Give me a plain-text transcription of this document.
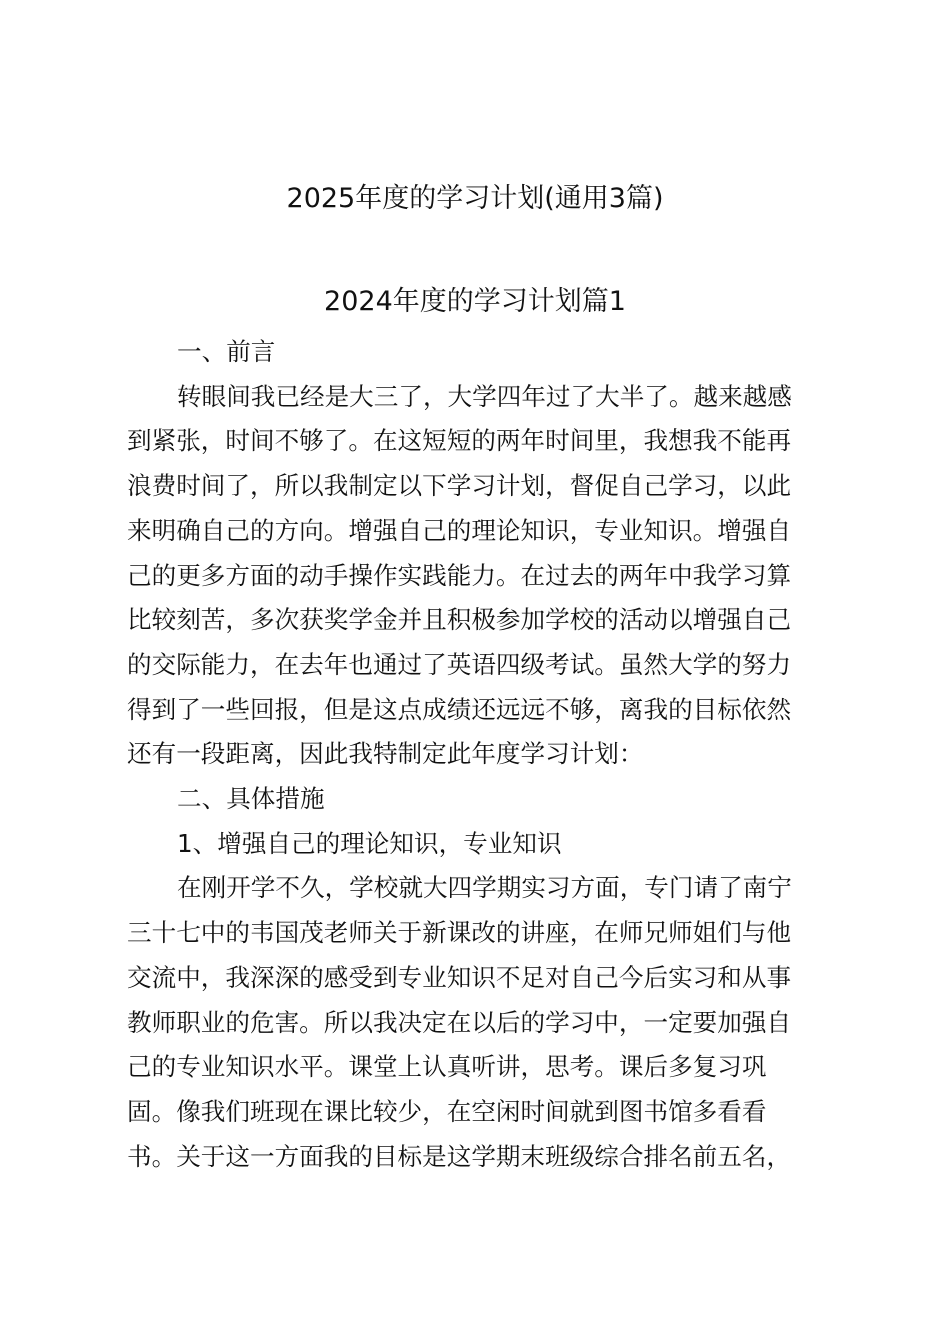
2025年度的学习计划(通用3篇)
2024年度的学习计划篇1
一、前言
转眼间我已经是大三了，大学四年过了大半了。越来越感
到紧张，时间不够了。在这短短的两年时间里，我想我不能再
浪费时间了，所以我制定以下学习计划，督促自己学习，以此
来明确自己的方向。增强自己的理论知识，专业知识。增强自
己的更多方面的动手操作实践能力。在过去的两年中我学习算
比较刻苦，多次获奖学金并且积极参加学校的活动以增强自己
的交际能力，在去年也通过了英语四级考试。虽然大学的努力
得到了一些回报，但是这点成绩还远远不够，离我的目标依然
还有一段距离，因此我特制定此年度学习计划：
二、具体措施
1、增强自己的理论知识，专业知识
在刚开学不久，学校就大四学期实习方面，专门请了南宁
三十七中的韦国茂老师关于新课改的讲座，在师兄师姐们与他
交流中，我深深的感受到专业知识不足对自己今后实习和从事
教师职业的危害。所以我决定在以后的学习中，一定要加强自
己的专业知识水平。课堂上认真听讲，思考。课后多复习巩
固。像我们班现在课比较少，在空闲时间就到图书馆多看看
书。关于这一方面我的目标是这学期末班级综合排名前五名，
